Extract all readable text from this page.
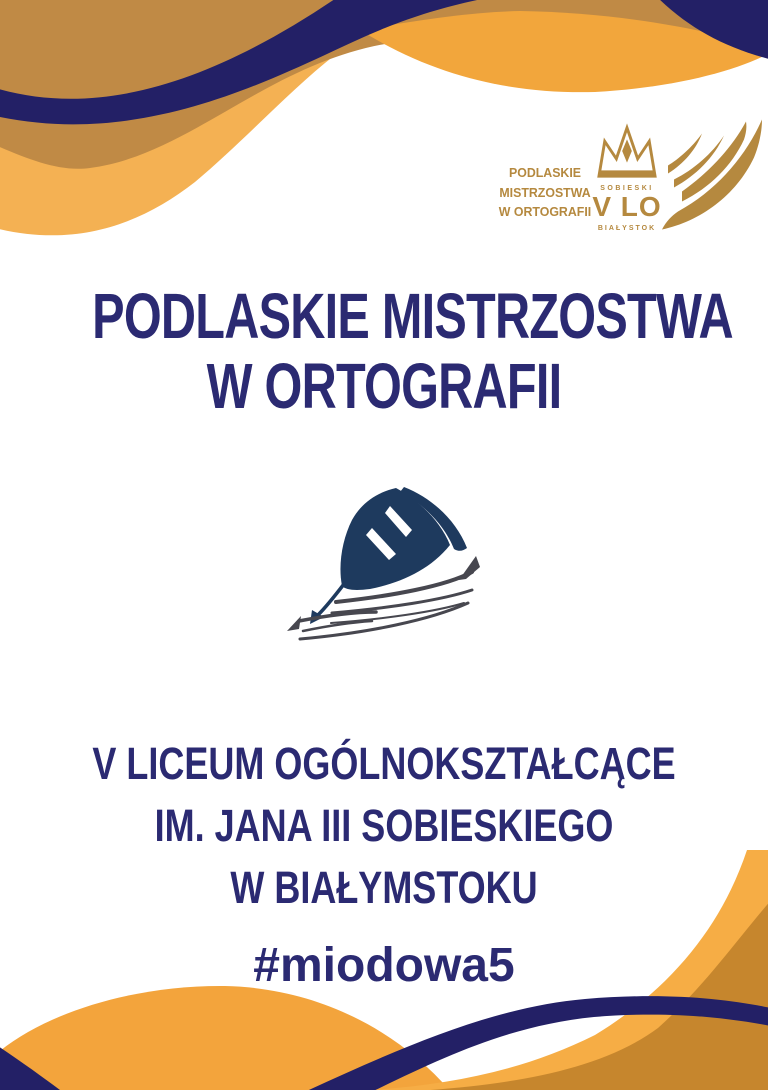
PODLASKIE
MISTRZOSTWA
W ORTOGRAFII
SOBIESKI
V LO
BIAŁYSTOK
PODLASKIE MISTRZOSTWA
W ORTOGRAFII
V LICEUM OGÓLNOKSZTAŁCĄCE
IM. JANA III SOBIESKIEGO
W BIAŁYMSTOKU
#miodowa5
